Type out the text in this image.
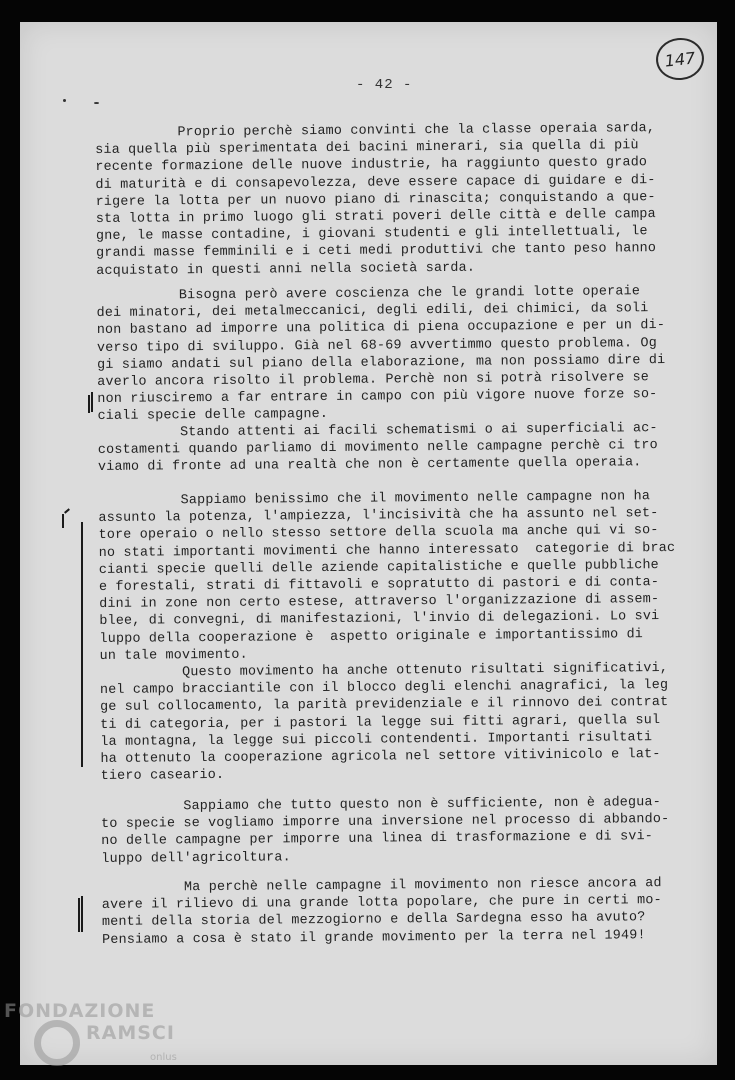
147
- 42 -

Proprio perchè siamo convinti che la classe operaia sarda,
sia quella più sperimentata dei bacini minerari, sia quella di più
recente formazione delle nuove industrie, ha raggiunto questo grado
di maturità e di consapevolezza, deve essere capace di guidare e di-
rigere la lotta per un nuovo piano di rinascita; conquistando a que-
sta lotta in primo luogo gli strati poveri delle città e delle campa
gne, le masse contadine, i giovani studenti e gli intellettuali, le
grandi masse femminili e i ceti medi produttivi che tanto peso hanno
acquistato in questi anni nella società sarda.

Bisogna però avere coscienza che le grandi lotte operaie
dei minatori, dei metalmeccanici, degli edili, dei chimici, da soli
non bastano ad imporre una politica di piena occupazione e per un di-
verso tipo di sviluppo. Già nel 68-69 avvertimmo questo problema. Og
gi siamo andati sul piano della elaborazione, ma non possiamo dire di
averlo ancora risolto il problema. Perchè non si potrà risolvere se
non riusciremo a far entrare in campo con più vigore nuove forze so-
ciali specie delle campagne.

Stando attenti ai facili schematismi o ai superficiali ac-
costamenti quando parliamo di movimento nelle campagne perchè ci tro
viamo di fronte ad una realtà che non è certamente quella operaia.

Sappiamo benissimo che il movimento nelle campagne non ha
assunto la potenza, l'ampiezza, l'incisività che ha assunto nel set-
tore operaio o nello stesso settore della scuola ma anche qui vi so-
no stati importanti movimenti che hanno interessato  categorie di brac
cianti specie quelli delle aziende capitalistiche e quelle pubbliche
e forestali, strati di fittavoli e sopratutto di pastori e di conta-
dini in zone non certo estese, attraverso l'organizzazione di assem-
blee, di convegni, di manifestazioni, l'invio di delegazioni. Lo svi
luppo della cooperazione è  aspetto originale e importantissimo di
un tale movimento.

Questo movimento ha anche ottenuto risultati significativi,
nel campo bracciantile con il blocco degli elenchi anagrafici, la leg
ge sul collocamento, la parità previdenziale e il rinnovo dei contrat
ti di categoria, per i pastori la legge sui fitti agrari, quella sul
la montagna, la legge sui piccoli contendenti. Importanti risultati
ha ottenuto la cooperazione agricola nel settore vitivinicolo e lat-
tiero caseario.

Sappiamo che tutto questo non è sufficiente, non è adegua-
to specie se vogliamo imporre una inversione nel processo di abbando-
no delle campagne per imporre una linea di trasformazione e di svi-
luppo dell'agricoltura.

Ma perchè nelle campagne il movimento non riesce ancora ad
avere il rilievo di una grande lotta popolare, che pure in certi mo-
menti della storia del mezzogiorno e della Sardegna esso ha avuto?
Pensiamo a cosa è stato il grande movimento per la terra nel 1949!

FONDAZIONE
RAMSCI
onlus
